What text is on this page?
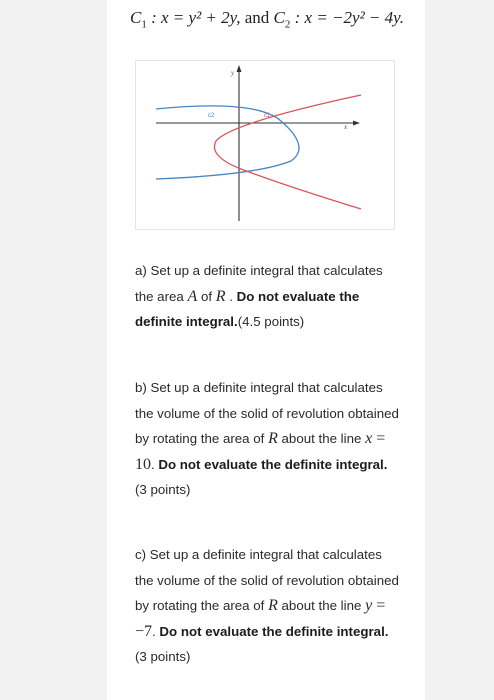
$C_1$ : x = y² + 2y, and $C_2$ : x = −2y² − 4y.
y
x
c2	c1
a) Set up a definite integral that calculates the area A of R . Do not evaluate the definite integral.(4.5 points)
b) Set up a definite integral that calculates the volume of the solid of revolution obtained by rotating the area of R about the line x = 10. Do not evaluate the definite integral. (3 points)
c) Set up a definite integral that calculates the volume of the solid of revolution obtained by rotating the area of R about the line y = −7. Do not evaluate the definite integral. (3 points)
